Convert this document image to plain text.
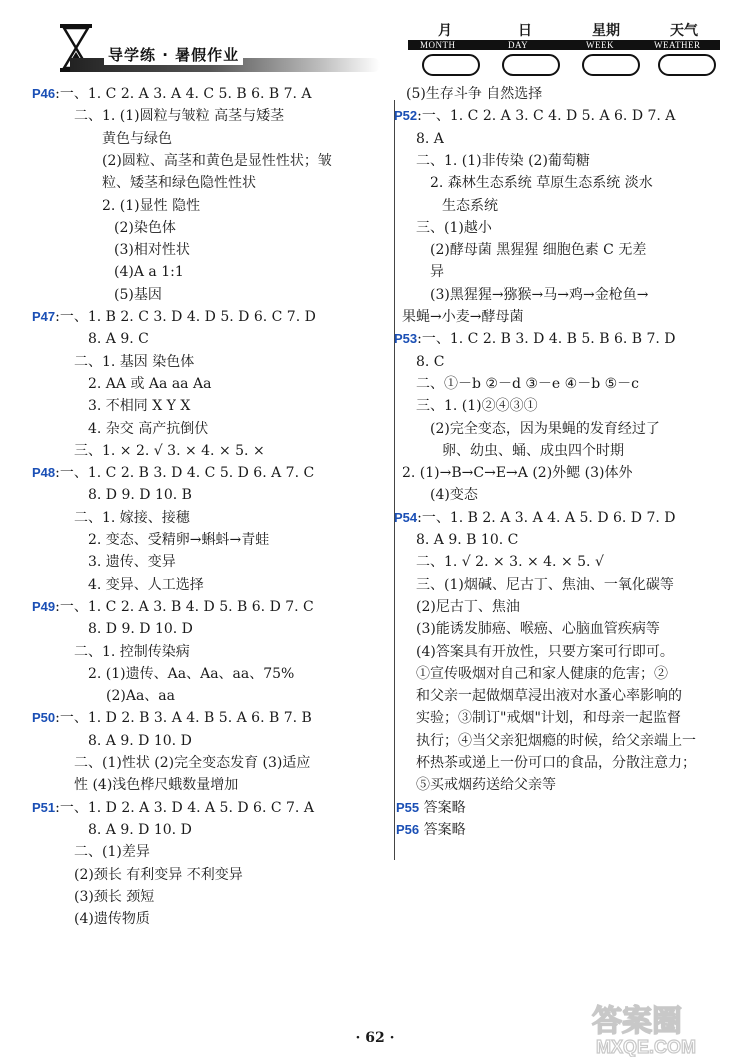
导学练 · 暑假作业
月	日	星期	天气
MONTH	DAY	WEEK	WEATHER
P46:一、1. C 2. A 3. A 4. C 5. B 6. B 7. A
二、1. (1)圆粒与皱粒 高茎与矮茎
黄色与绿色
(2)圆粒、高茎和黄色是显性性状；皱
粒、矮茎和绿色隐性性状
2. (1)显性 隐性
(2)染色体
(3)相对性状
(4)A a 1:1
(5)基因
P47:一、1. B 2. C 3. D 4. D 5. D 6. C 7. D
8. A 9. C
二、1. 基因 染色体
2. AA 或 Aa aa Aa
3. 不相同 X Y X
4. 杂交 高产抗倒伏
三、1. × 2. √ 3. × 4. × 5. ×
P48:一、1. C 2. B 3. D 4. C 5. D 6. A 7. C
8. D 9. D 10. B
二、1. 嫁接、接穗
2. 变态、受精卵→蝌蚪→青蛙
3. 遗传、变异
4. 变异、人工选择
P49:一、1. C 2. A 3. B 4. D 5. B 6. D 7. C
8. D 9. D 10. D
二、1. 控制传染病
2. (1)遗传、Aa、Aa、aa、75%
(2)Aa、aa
P50:一、1. D 2. B 3. A 4. B 5. A 6. B 7. B
8. A 9. D 10. D
二、(1)性状 (2)完全变态发育 (3)适应
性 (4)浅色桦尺蛾数量增加
P51:一、1. D 2. A 3. D 4. A 5. D 6. C 7. A
8. A 9. D 10. D
二、(1)差异
(2)颈长 有利变异 不利变异
(3)颈长 颈短
(4)遗传物质
(5)生存斗争 自然选择
P52:一、1. C 2. A 3. C 4. D 5. A 6. D 7. A
8. A
二、1. (1)非传染 (2)葡萄糖
2. 森林生态系统 草原生态系统 淡水
生态系统
三、(1)越小
(2)酵母菌 黑猩猩 细胞色素 C 无差
异
(3)黑猩猩→猕猴→马→鸡→金枪鱼→
果蝇→小麦→酵母菌
P53:一、1. C 2. B 3. D 4. B 5. B 6. B 7. D
8. C
二、①－b ②－d ③－e ④－b ⑤－c
三、1. (1)②④③①
(2)完全变态，因为果蝇的发育经过了
卵、幼虫、蛹、成虫四个时期
2. (1)→B→C→E→A (2)外鳃 (3)体外
(4)变态
P54:一、1. B 2. A 3. A 4. A 5. D 6. D 7. D
8. A 9. B 10. C
二、1. √ 2. × 3. × 4. × 5. √
三、(1)烟碱、尼古丁、焦油、一氧化碳等
(2)尼古丁、焦油
(3)能诱发肺癌、喉癌、心脑血管疾病等
(4)答案具有开放性，只要方案可行即可。
①宣传吸烟对自己和家人健康的危害；②
和父亲一起做烟草浸出液对水蚤心率影响的
实验；③制订"戒烟"计划，和母亲一起监督
执行；④当父亲犯烟瘾的时候，给父亲端上一
杯热茶或递上一份可口的食品，分散注意力；
⑤买戒烟药送给父亲等
P55 答案略
P56 答案略
· 62 ·	答案圈
MXQE.COM
